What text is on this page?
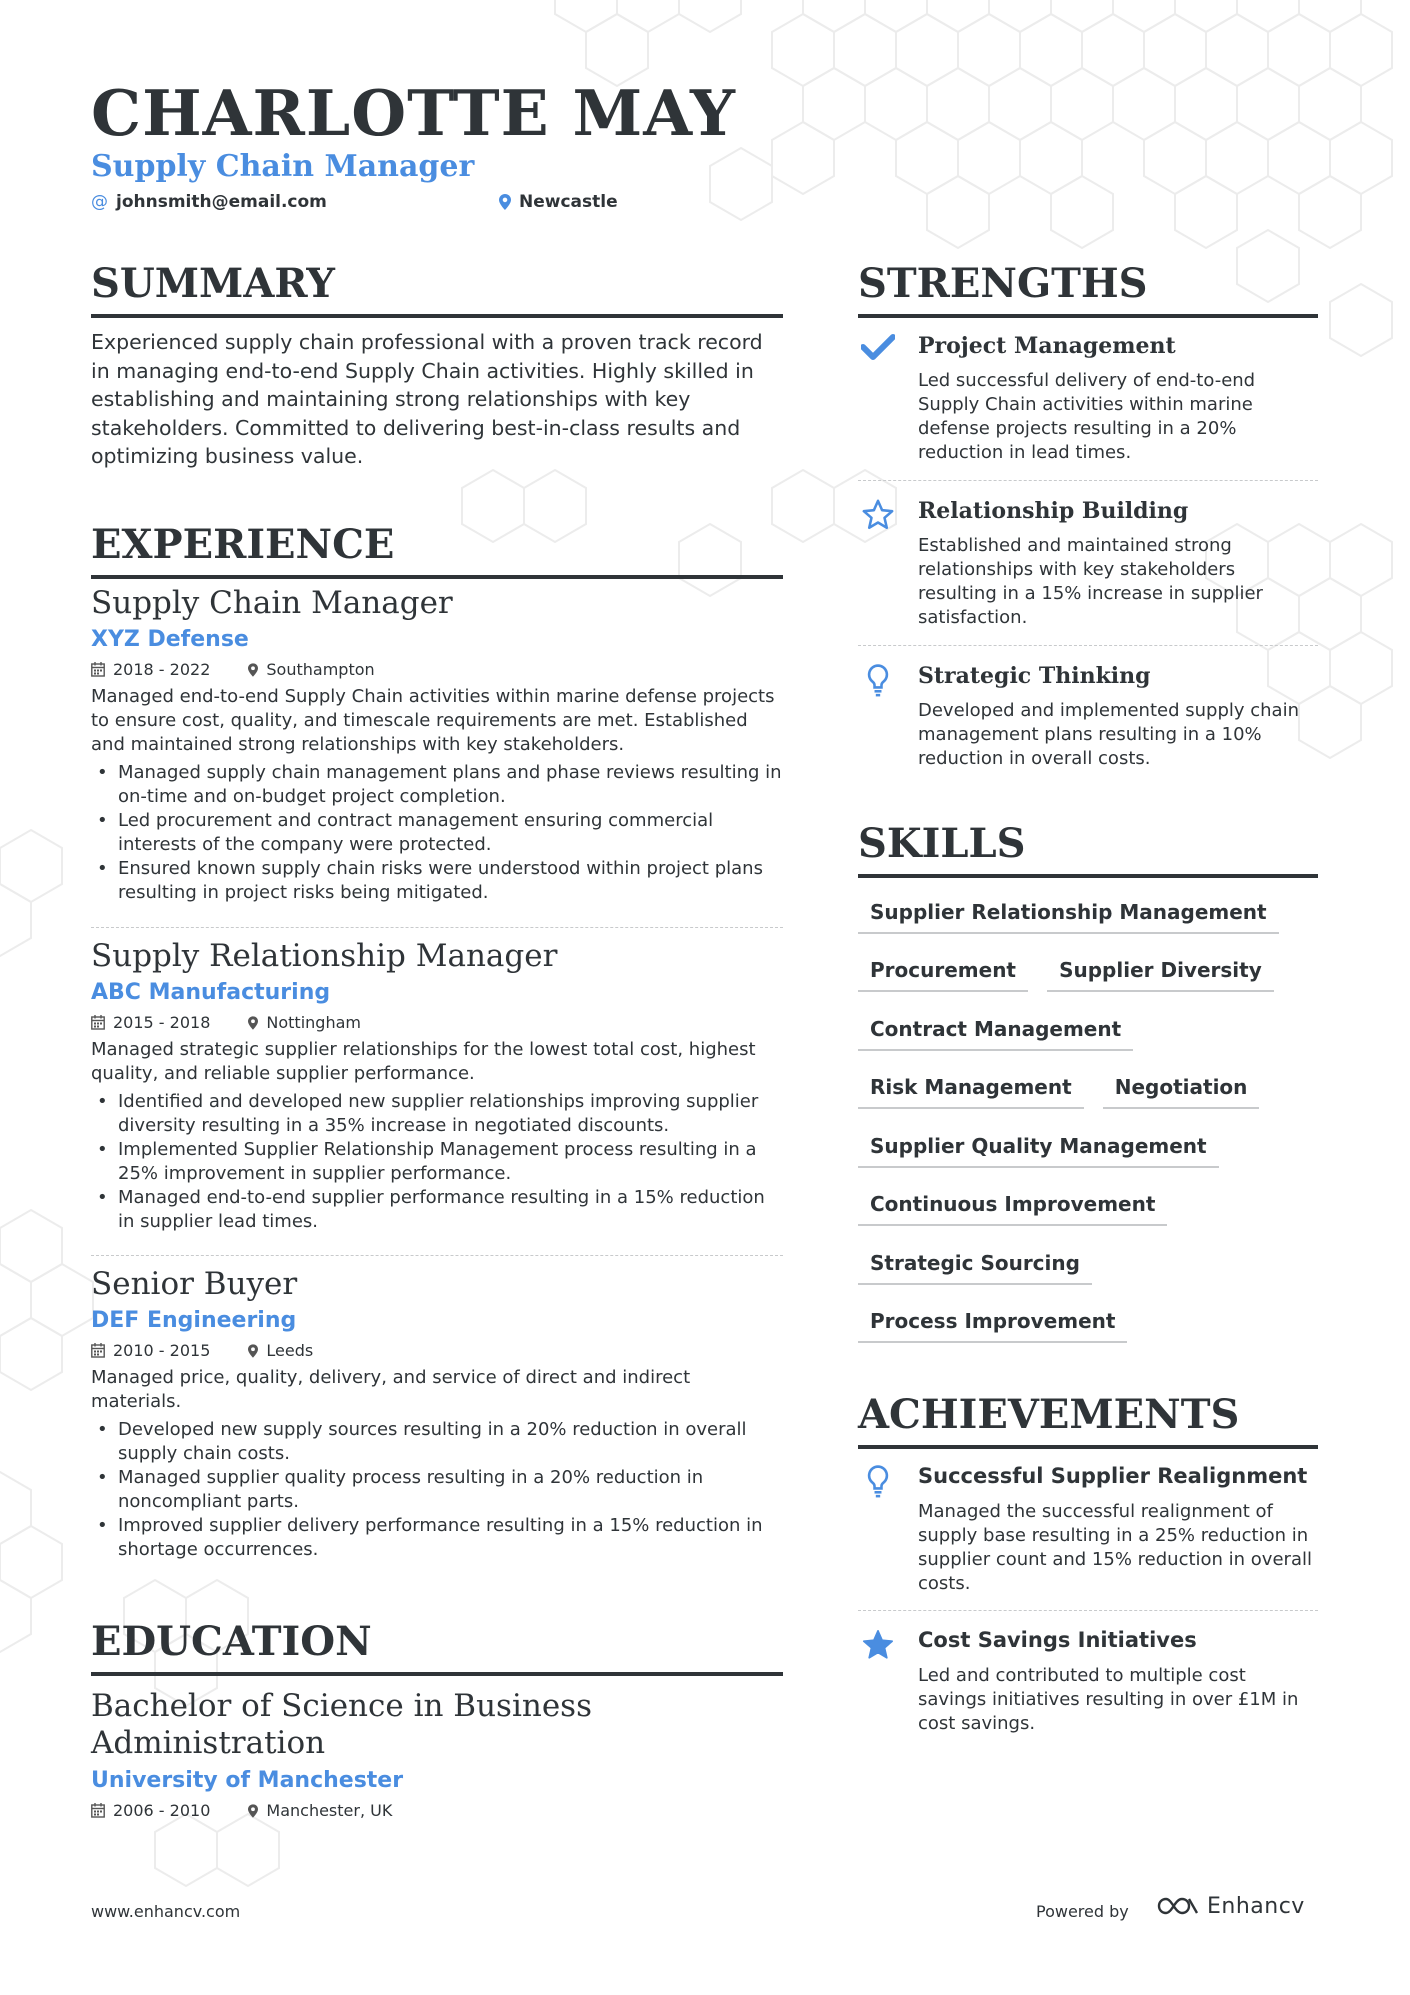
CHARLOTTE MAY
Supply Chain Manager
@ johnsmith@email.com	Newcastle
SUMMARY
Experienced supply chain professional with a proven track record in managing end-to-end Supply Chain activities. Highly skilled in establishing and maintaining strong relationships with key stakeholders. Committed to delivering best-in-class results and optimizing business value.
EXPERIENCE
Supply Chain Manager
XYZ Defense
2018 - 2022	Southampton
Managed end-to-end Supply Chain activities within marine defense projects to ensure cost, quality, and timescale requirements are met. Established and maintained strong relationships with key stakeholders.
• Managed supply chain management plans and phase reviews resulting in on-time and on-budget project completion.
• Led procurement and contract management ensuring commercial interests of the company were protected.
• Ensured known supply chain risks were understood within project plans resulting in project risks being mitigated.
Supply Relationship Manager
ABC Manufacturing
2015 - 2018	Nottingham
Managed strategic supplier relationships for the lowest total cost, highest quality, and reliable supplier performance.
• Identified and developed new supplier relationships improving supplier diversity resulting in a 35% increase in negotiated discounts.
• Implemented Supplier Relationship Management process resulting in a 25% improvement in supplier performance.
• Managed end-to-end supplier performance resulting in a 15% reduction in supplier lead times.
Senior Buyer
DEF Engineering
2010 - 2015	Leeds
Managed price, quality, delivery, and service of direct and indirect materials.
• Developed new supply sources resulting in a 20% reduction in overall supply chain costs.
• Managed supplier quality process resulting in a 20% reduction in noncompliant parts.
• Improved supplier delivery performance resulting in a 15% reduction in shortage occurrences.
EDUCATION
Bachelor of Science in Business Administration
University of Manchester
2006 - 2010	Manchester, UK
STRENGTHS
Project Management
Led successful delivery of end-to-end Supply Chain activities within marine defense projects resulting in a 20% reduction in lead times.
Relationship Building
Established and maintained strong relationships with key stakeholders resulting in a 15% increase in supplier satisfaction.
Strategic Thinking
Developed and implemented supply chain management plans resulting in a 10% reduction in overall costs.
SKILLS
Supplier Relationship Management
Procurement Supplier Diversity
Contract Management
Risk Management Negotiation
Supplier Quality Management
Continuous Improvement
Strategic Sourcing
Process Improvement
ACHIEVEMENTS
Successful Supplier Realignment
Managed the successful realignment of supply base resulting in a 25% reduction in supplier count and 15% reduction in overall costs.
Cost Savings Initiatives
Led and contributed to multiple cost savings initiatives resulting in over £1M in cost savings.
www.enhancv.com	Powered by	Enhancv
